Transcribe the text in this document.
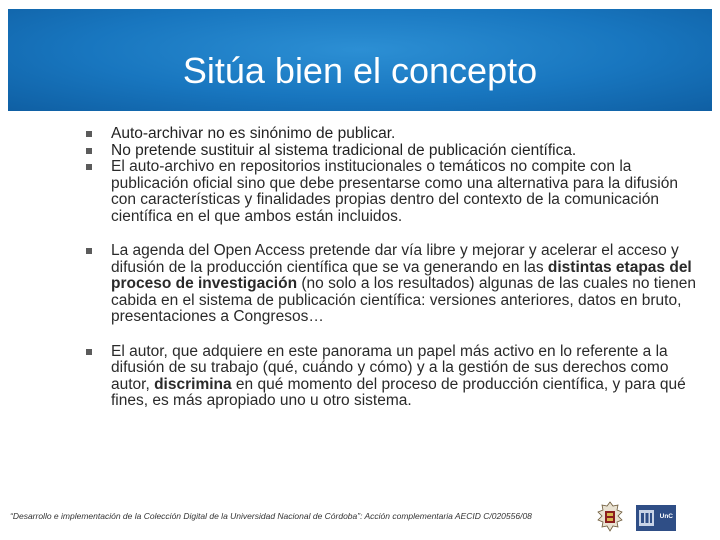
Sitúa bien el concepto
Auto-archivar no es sinónimo de publicar.
No pretende sustituir al sistema tradicional de publicación científica.
El auto-archivo en repositorios institucionales o temáticos no compite con la publicación oficial sino que debe presentarse como una alternativa para la difusión con características y finalidades propias dentro del contexto de la comunicación científica en el que ambos están incluidos.
La agenda del Open Access pretende dar vía libre y mejorar y acelerar el acceso y difusión de la producción científica que se va generando en las distintas etapas del proceso de investigación (no solo a los resultados) algunas de las cuales no tienen cabida en el sistema de publicación científica: versiones anteriores, datos en bruto, presentaciones a Congresos…
El autor, que adquiere en este panorama un papel más activo en lo referente a la difusión de su trabajo (qué, cuándo y cómo) y a la gestión de sus derechos como autor, discrimina en qué momento del proceso de producción científica, y para qué fines, es más apropiado uno u otro sistema.
“Desarrollo e implementación de la Colección Digital de la Universidad Nacional de Córdoba”: Acción complementaria AECID C/020556/08	UnC
